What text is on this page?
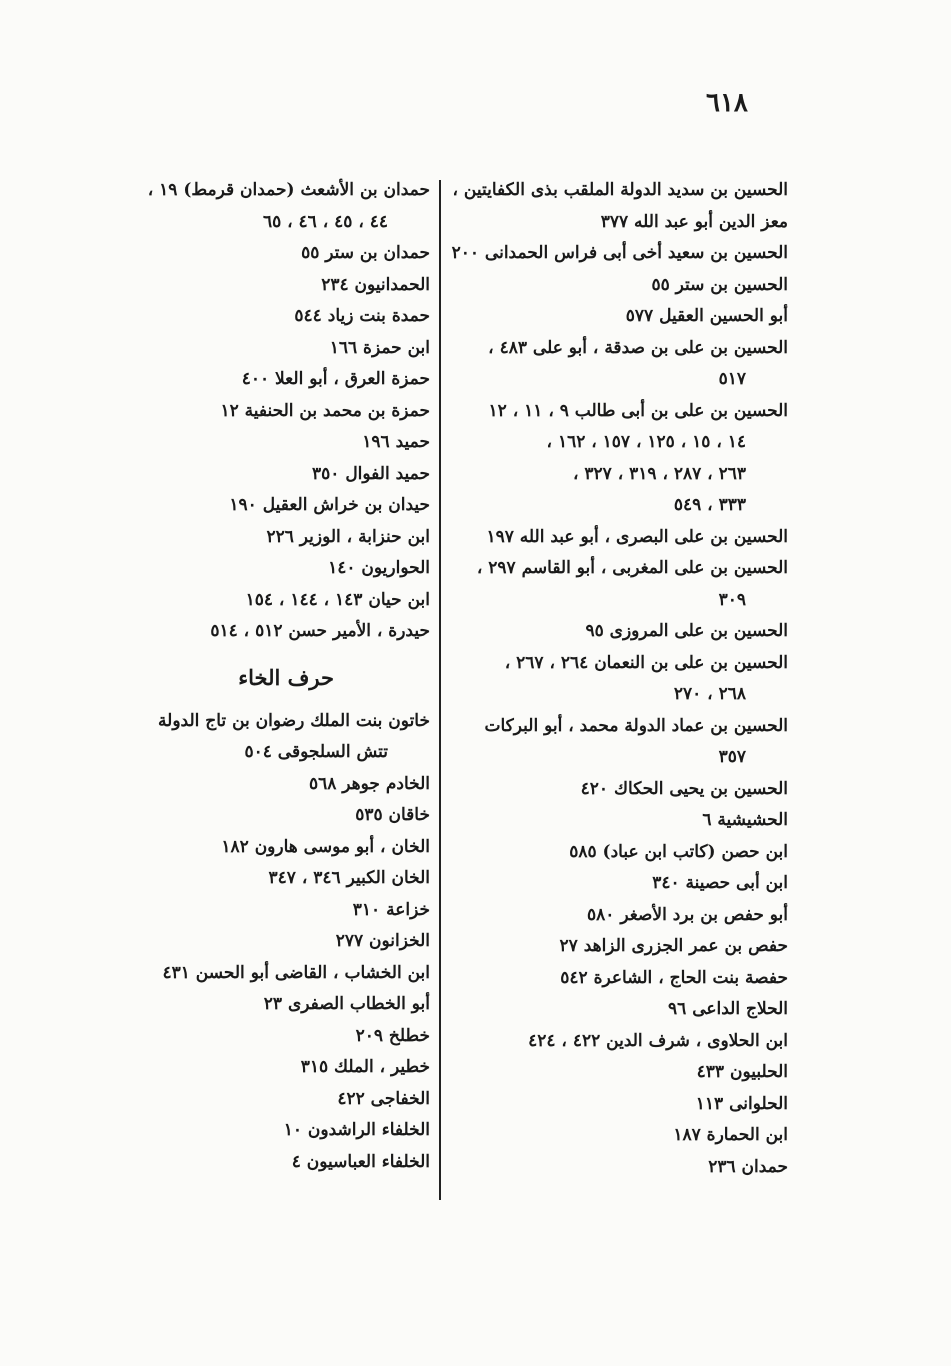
٦١٨
الحسين بن سديد الدولة الملقب بذى الكفايتين ،
معز الدين أبو عبد الله ٣٧٧
الحسين بن سعيد أخى أبى فراس الحمدانى ٢٠٠
الحسين بن ستر ٥٥
أبو الحسين العقيل ٥٧٧
الحسين بن على بن صدقة ، أبو على ٤٨٣ ،
٥١٧
الحسين بن على بن أبى طالب ٩ ، ١١ ، ١٢
١٤ ، ١٥ ، ١٢٥ ، ١٥٧ ، ١٦٢ ،
٢٦٣ ، ٢٨٧ ، ٣١٩ ، ٣٢٧ ،
٣٣٣ ، ٥٤٩
الحسين بن على البصرى ، أبو عبد الله ١٩٧
الحسين بن على المغربى ، أبو القاسم ٢٩٧ ،
٣٠٩
الحسين بن على المروزى ٩٥
الحسين بن على بن النعمان ٢٦٤ ، ٢٦٧ ،
٢٦٨ ، ٢٧٠
الحسين بن عماد الدولة محمد ، أبو البركات
٣٥٧
الحسين بن يحيى الحكاك ٤٢٠
الحشيشية ٦
ابن حصن (كاتب ابن عباد) ٥٨٥
ابن أبى حصينة ٣٤٠
أبو حفص بن برد الأصغر ٥٨٠
حفص بن عمر الجزرى الزاهد ٢٧
حفصة بنت الحاج ، الشاعرة ٥٤٢
الحلاج الداعى ٩٦
ابن الحلاوى ، شرف الدين ٤٢٢ ، ٤٢٤
الحلبيون ٤٣٣
الحلوانى ١١٣
ابن الحمارة ١٨٧
حمدان ٢٣٦
حمدان بن الأشعث (حمدان قرمط) ١٩ ،
٤٤ ، ٤٥ ، ٤٦ ، ٦٥
حمدان بن ستر ٥٥
الحمدانيون ٢٣٤
حمدة بنت زياد ٥٤٤
ابن حمزة ١٦٦
حمزة العرق ، أبو العلا ٤٠٠
حمزة بن محمد بن الحنفية ١٢
حميد ١٩٦
حميد الفوال ٣٥٠
حيدان بن خراش العقيل ١٩٠
ابن حنزابة ، الوزير ٢٢٦
الحواريون ١٤٠
ابن حيان ١٤٣ ، ١٤٤ ، ١٥٤
حيدرة ، الأمير حسن ٥١٢ ، ٥١٤
حرف الخاء
خاتون بنت الملك رضوان بن تاج الدولة
تتش السلجوقى ٥٠٤
الخادم جوهر ٥٦٨
خاقان ٥٣٥
الخان ، أبو موسى هارون ١٨٢
الخان الكبير ٣٤٦ ، ٣٤٧
خزاعة ٣١٠
الخزانون ٢٧٧
ابن الخشاب ، القاضى أبو الحسن ٤٣١
أبو الخطاب الصفرى ٢٣
خطلخ ٢٠٩
خطير ، الملك ٣١٥
الخفاجى ٤٢٢
الخلفاء الراشدون ١٠
الخلفاء العباسيون ٤
